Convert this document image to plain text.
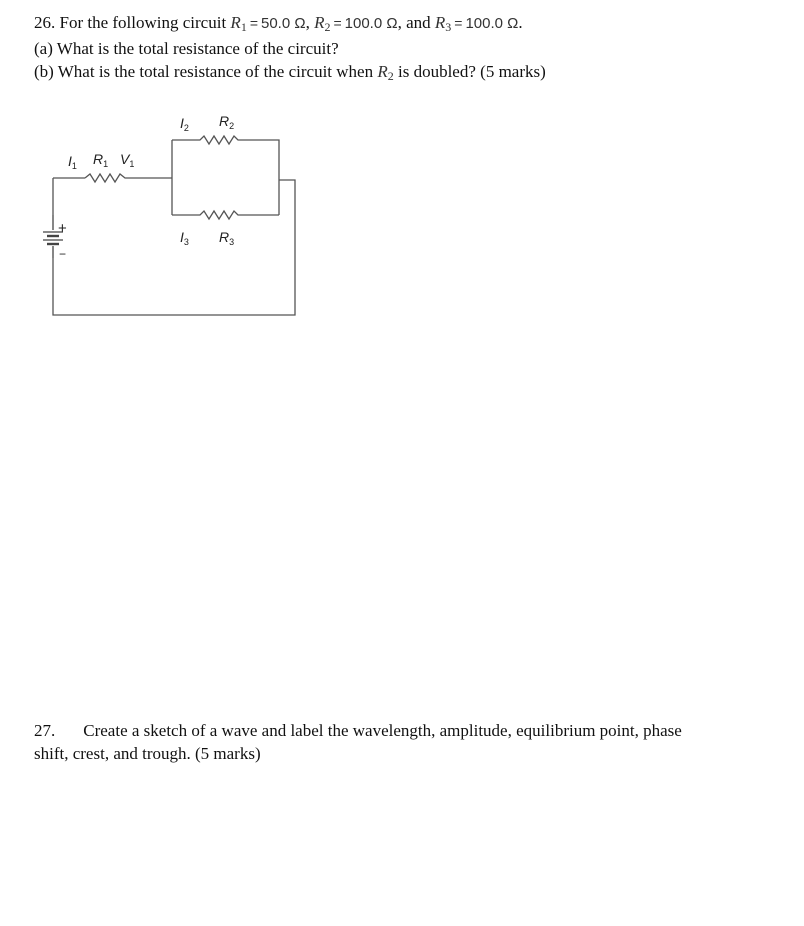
26. For the following circuit $R_1 = 50.0$ Ω, $R_2 = 100.0$ Ω, and $R_3 = 100.0$ Ω.
(a) What is the total resistance of the circuit?
(b) What is the total resistance of the circuit when $R_2$ is doubled? (5 marks)
+
−
$I_1$ $R_1$ $V_1$
$I_2$ $R_2$
$I_3$ $R_3$
27. Create a sketch of a wave and label the wavelength, amplitude, equilibrium point, phase
shift, crest, and trough. (5 marks)
